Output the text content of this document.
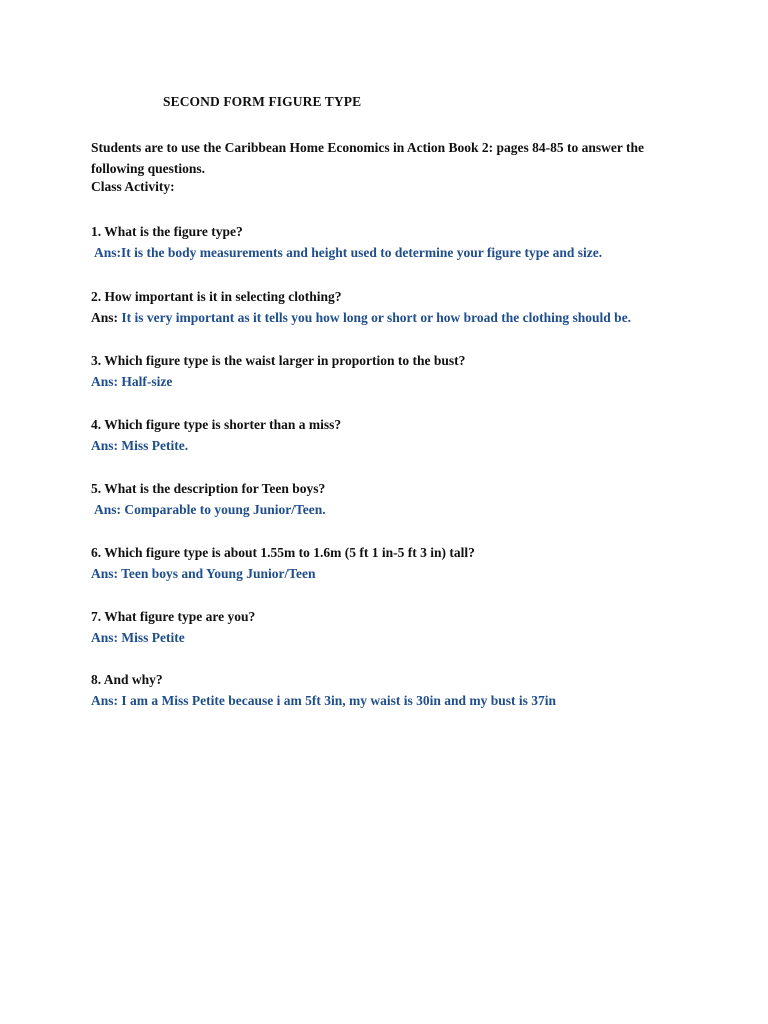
SECOND FORM FIGURE TYPE
Students are to use the Caribbean Home Economics in Action Book 2: pages 84-85 to answer the
following questions.
Class Activity:
1. What is the figure type?
Ans:It is the body measurements and height used to determine your figure type and size.
2. How important is it in selecting clothing?
Ans: It is very important as it tells you how long or short or how broad the clothing should be.
3. Which figure type is the waist larger in proportion to the bust?
Ans: Half-size
4. Which figure type is shorter than a miss?
Ans: Miss Petite.
5. What is the description for Teen boys?
Ans: Comparable to young Junior/Teen.
6. Which figure type is about 1.55m to 1.6m (5 ft 1 in-5 ft 3 in) tall?
Ans: Teen boys and Young Junior/Teen
7. What figure type are you?
Ans: Miss Petite
8. And why?
Ans: I am a Miss Petite because i am 5ft 3in, my waist is 30in and my bust is 37in
